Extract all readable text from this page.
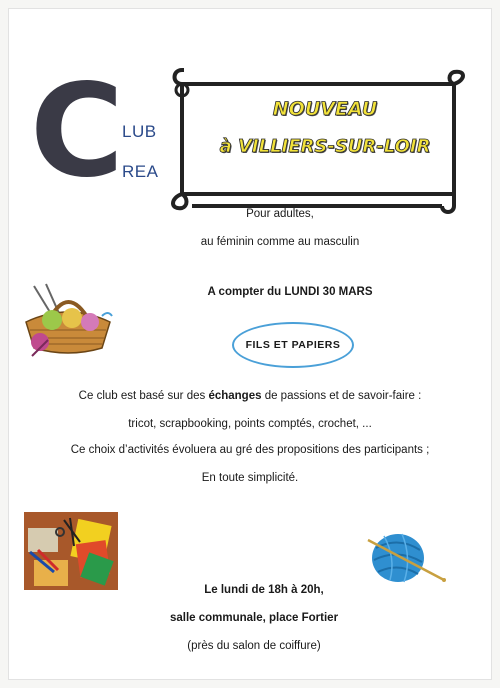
C
LUB
REA
NOUVEAU
à VILLIERS-SUR-LOIR
Pour adultes,
au féminin comme au masculin
A compter du LUNDI 30 MARS
FILS ET PAPIERS
Ce club est basé sur des échanges de passions et de savoir-faire :
tricot, scrapbooking, points comptés, crochet, ...
Ce choix d’activités évoluera au gré des propositions des participants ;
En toute simplicité.
Le lundi de 18h à 20h,
salle communale, place Fortier
(près du salon de coiffure)
